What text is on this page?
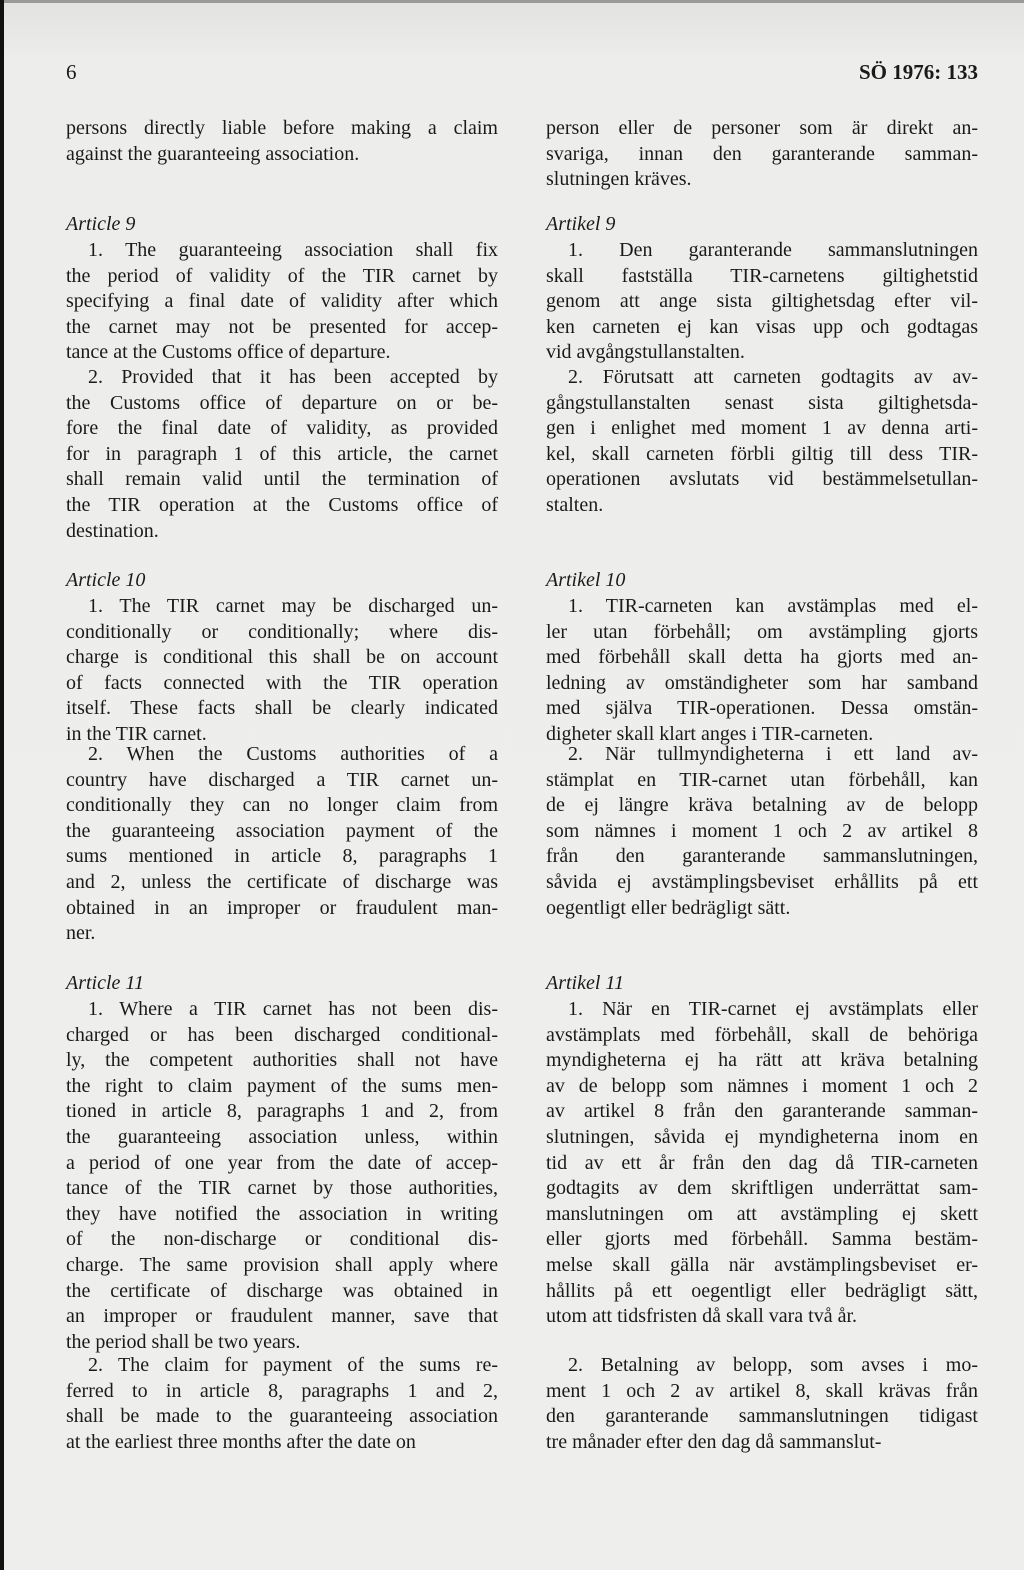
6	SÖ 1976: 133
persons directly liable before making a claim
against the guaranteeing association.
Article 9
1. The guaranteeing association shall fix
the period of validity of the TIR carnet by
specifying a final date of validity after which
the carnet may not be presented for accep-
tance at the Customs office of departure.
2. Provided that it has been accepted by
the Customs office of departure on or be-
fore the final date of validity, as provided
for in paragraph 1 of this article, the carnet
shall remain valid until the termination of
the TIR operation at the Customs office of
destination.
Article 10
1. The TIR carnet may be discharged un-
conditionally or conditionally; where dis-
charge is conditional this shall be on account
of facts connected with the TIR operation
itself. These facts shall be clearly indicated
in the TIR carnet.
2. When the Customs authorities of a
country have discharged a TIR carnet un-
conditionally they can no longer claim from
the guaranteeing association payment of the
sums mentioned in article 8, paragraphs 1
and 2, unless the certificate of discharge was
obtained in an improper or fraudulent man-
ner.
Article 11
1. Where a TIR carnet has not been dis-
charged or has been discharged conditional-
ly, the competent authorities shall not have
the right to claim payment of the sums men-
tioned in article 8, paragraphs 1 and 2, from
the guaranteeing association unless, within
a period of one year from the date of accep-
tance of the TIR carnet by those authorities,
they have notified the association in writing
of the non-discharge or conditional dis-
charge. The same provision shall apply where
the certificate of discharge was obtained in
an improper or fraudulent manner, save that
the period shall be two years.
2. The claim for payment of the sums re-
ferred to in article 8, paragraphs 1 and 2,
shall be made to the guaranteeing association
at the earliest three months after the date on
person eller de personer som är direkt an-
svariga, innan den garanterande samman-
slutningen kräves.
Artikel 9
1. Den garanterande sammanslutningen
skall fastställa TIR-carnetens giltighetstid
genom att ange sista giltighetsdag efter vil-
ken carneten ej kan visas upp och godtagas
vid avgångstullanstalten.
2. Förutsatt att carneten godtagits av av-
gångstullanstalten senast sista giltighetsda-
gen i enlighet med moment 1 av denna arti-
kel, skall carneten förbli giltig till dess TIR-
operationen avslutats vid bestämmelsetullan-
stalten.
Artikel 10
1. TIR-carneten kan avstämplas med el-
ler utan förbehåll; om avstämpling gjorts
med förbehåll skall detta ha gjorts med an-
ledning av omständigheter som har samband
med själva TIR-operationen. Dessa omstän-
digheter skall klart anges i TIR-carneten.
2. När tullmyndigheterna i ett land av-
stämplat en TIR-carnet utan förbehåll, kan
de ej längre kräva betalning av de belopp
som nämnes i moment 1 och 2 av artikel 8
från den garanterande sammanslutningen,
såvida ej avstämplingsbeviset erhållits på ett
oegentligt eller bedrägligt sätt.
Artikel 11
1. När en TIR-carnet ej avstämplats eller
avstämplats med förbehåll, skall de behöriga
myndigheterna ej ha rätt att kräva betalning
av de belopp som nämnes i moment 1 och 2
av artikel 8 från den garanterande samman-
slutningen, såvida ej myndigheterna inom en
tid av ett år från den dag då TIR-carneten
godtagits av dem skriftligen underrättat sam-
manslutningen om att avstämpling ej skett
eller gjorts med förbehåll. Samma bestäm-
melse skall gälla när avstämplingsbeviset er-
hållits på ett oegentligt eller bedrägligt sätt,
utom att tidsfristen då skall vara två år.
2. Betalning av belopp, som avses i mo-
ment 1 och 2 av artikel 8, skall krävas från
den garanterande sammanslutningen tidigast
tre månader efter den dag då sammanslut-
